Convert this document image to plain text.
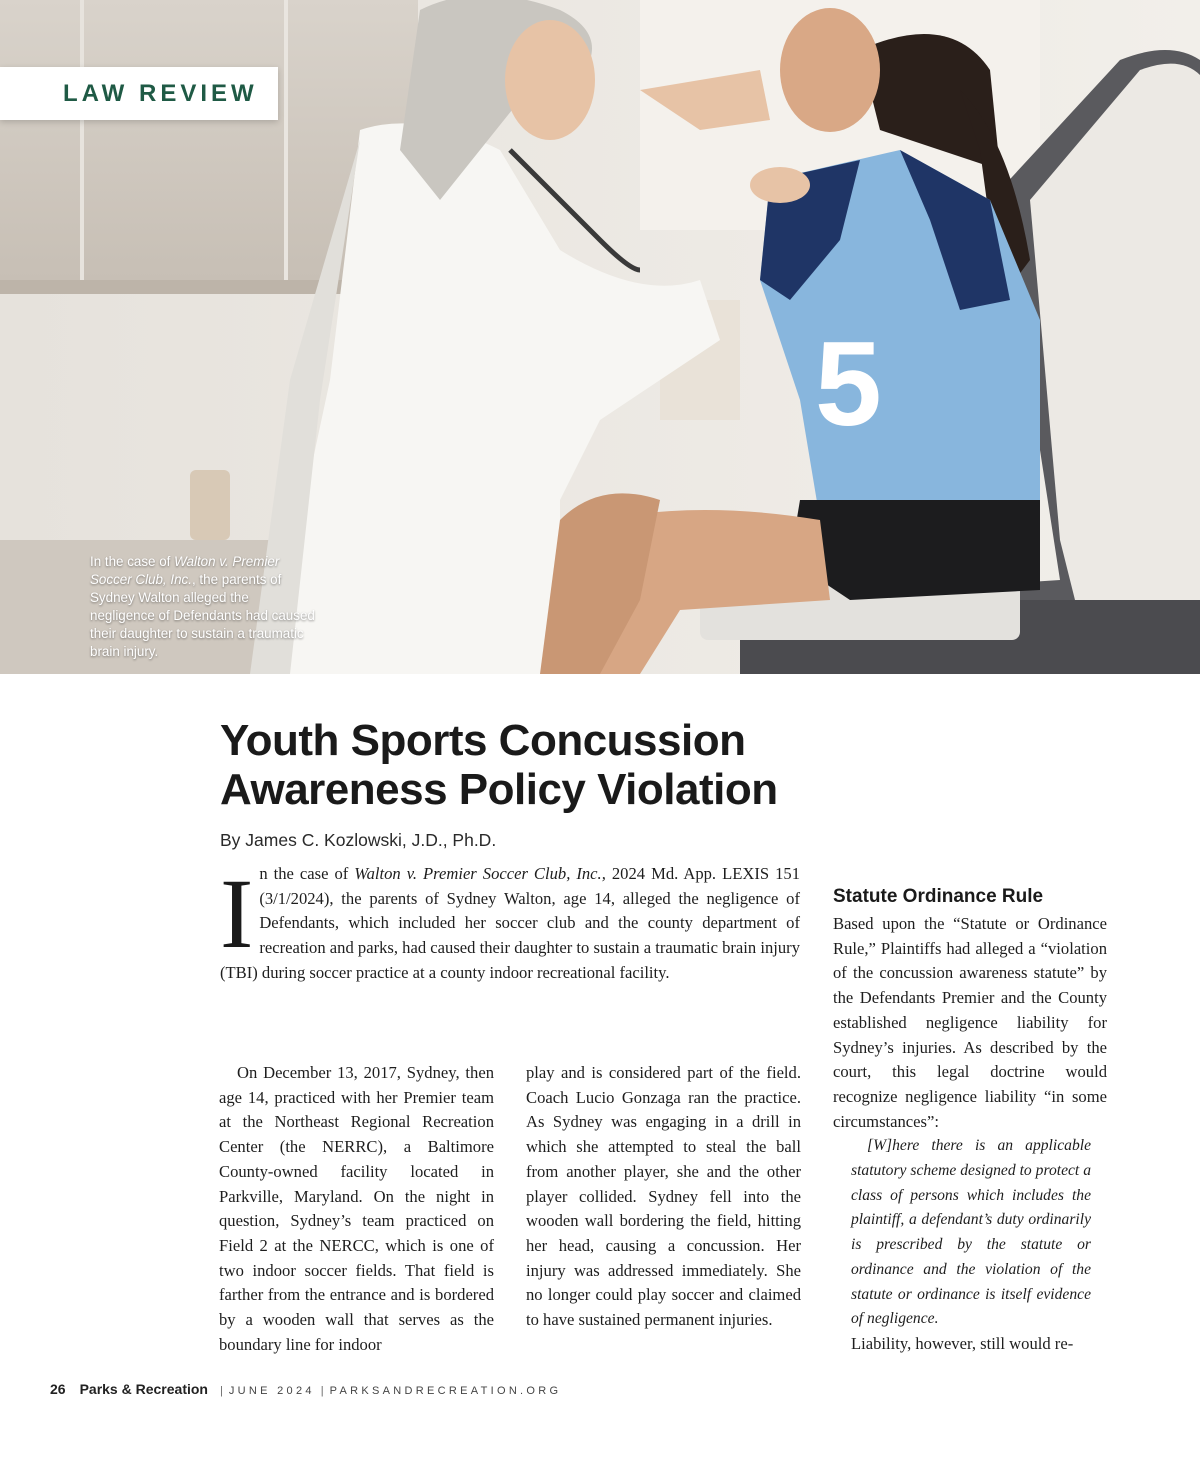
5
LAW REVIEW
In the case of Walton v. Premier Soccer Club, Inc., the parents of Sydney Walton alleged the negligence of Defendants had caused their daughter to sustain a traumatic brain injury.
Youth Sports Concussion
Awareness Policy Violation

By James C. Kozlowski, J.D., Ph.D.

In the case of Walton v. Premier Soccer Club, Inc., 2024 Md. App. LEXIS 151 (3/1/2024), the parents of Sydney Walton, age 14, alleged the negligence of Defendants, which included her soccer club and the county department of recreation and parks, had caused their daughter to sustain a traumatic brain injury (TBI) during soccer practice at a county indoor recreational facility.

On December 13, 2017, Sydney, then age 14, practiced with her Premier team at the Northeast Regional Recreation Center (the NERRC), a Baltimore County-owned facility located in Parkville, Maryland. On the night in question, Sydney’s team practiced on Field 2 at the NERCC, which is one of two indoor soccer fields. That field is farther from the entrance and is bordered by a wooden wall that serves as the boundary line for indoor

play and is considered part of the field. Coach Lucio Gonzaga ran the practice. As Sydney was engaging in a drill in which she attempted to steal the ball from another player, she and the other player collided. Sydney fell into the wooden wall bordering the field, hitting her head, causing a concussion. Her injury was addressed immediately. She no longer could play soccer and claimed to have sustained permanent injuries.

Statute Ordinance Rule

Based upon the “Statute or Ordinance Rule,” Plaintiffs had alleged a “violation of the concussion awareness statute” by the Defendants Premier and the County established negligence liability for Sydney’s injuries. As described by the court, this legal doctrine would recognize negligence liability “in some circumstances”:

[W]here there is an applicable statutory scheme designed to protect a class of persons which includes the plaintiff, a defendant’s duty ordinarily is prescribed by the statute or ordinance and the violation of the statute or ordinance is itself evidence of negligence.

Liability, however, still would re-

26 Parks & Recreation | JUNE 2024 | PARKSANDRECREATION.ORG
